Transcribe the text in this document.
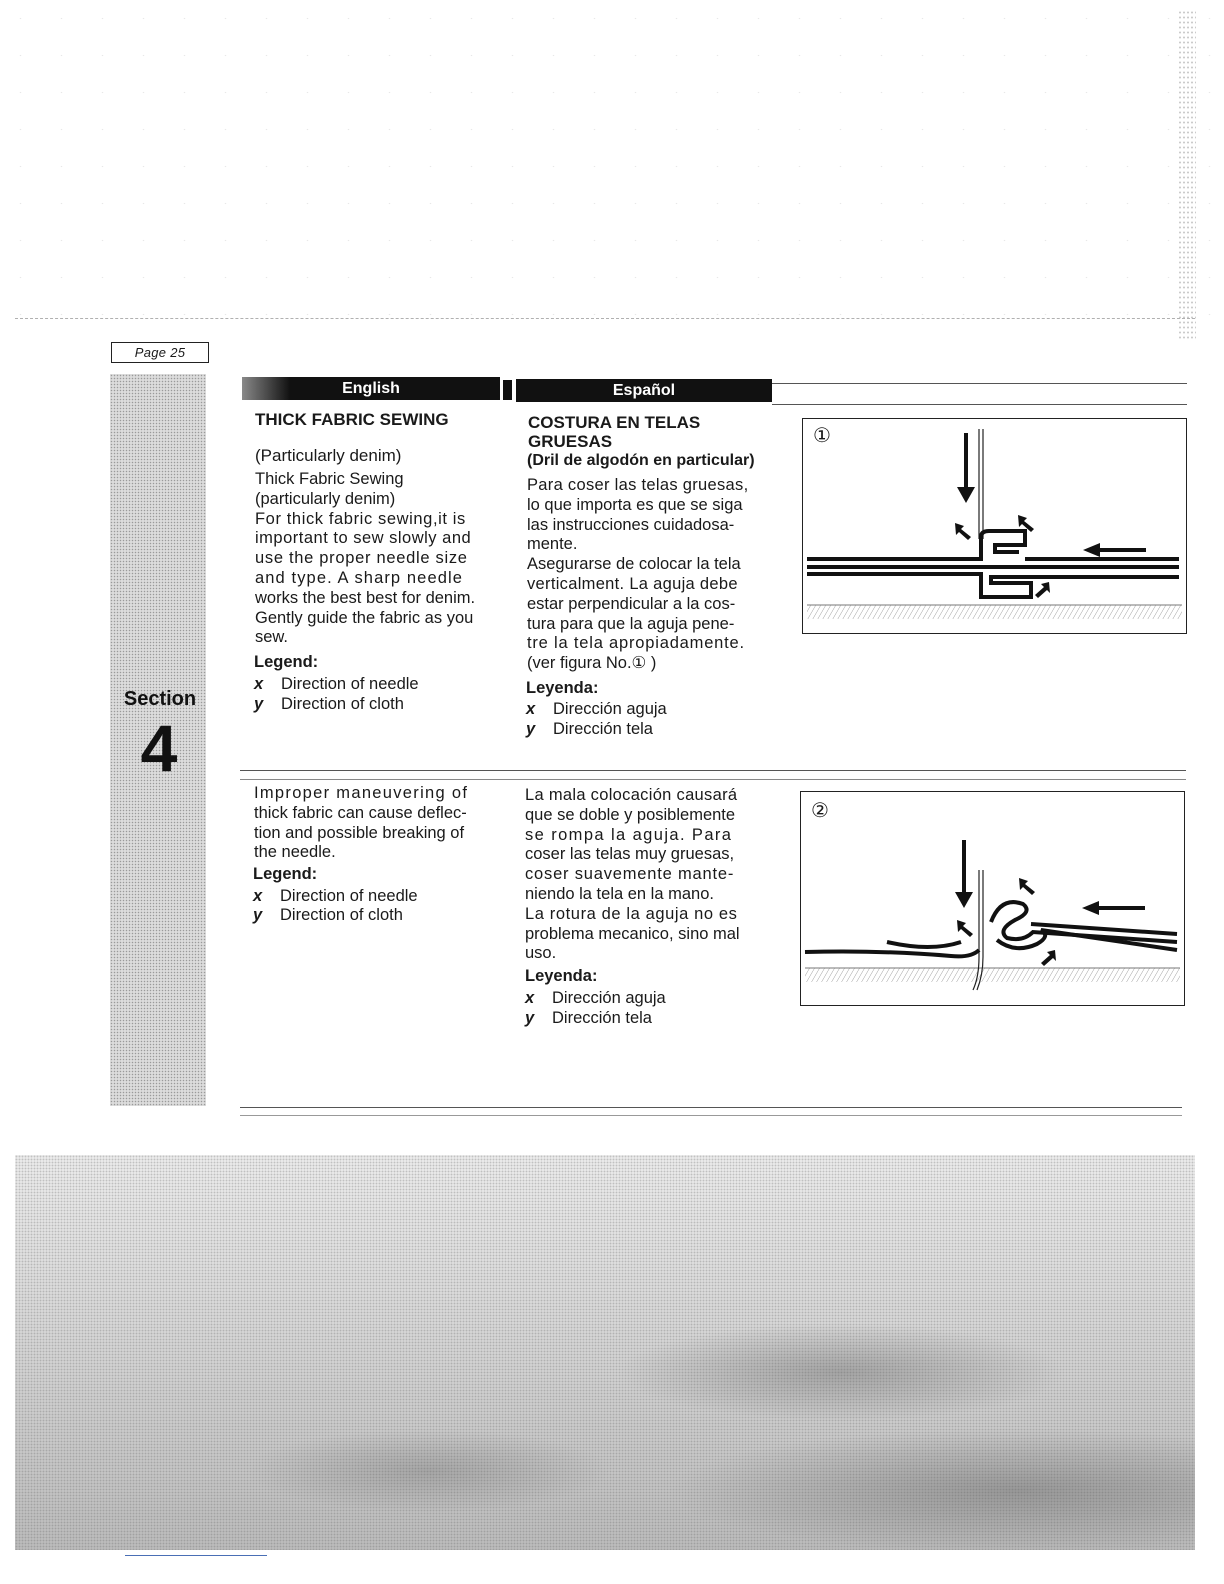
Page 25
Section
4
English	Español
THICK FABRIC SEWING
(Particularly denim)
Thick Fabric Sewing
(particularly denim)
For thick fabric sewing,it is
important to sew slowly and
use the proper needle size
and type. A sharp needle
works the best best for denim.
Gently guide the fabric as you
sew.
Legend:
x Direction of needle
y Direction of cloth
COSTURA EN TELAS
GRUESAS
(Dril de algodón en particular)
Para coser las telas gruesas,
lo que importa es que se siga
las instrucciones cuidadosa-
mente.
Asegurarse de colocar la tela
verticalment. La aguja debe
estar perpendicular a la cos-
tura para que la aguja pene-
tre la tela apropiadamente.
(ver figura No.① )
Leyenda:
x Dirección aguja
y Dirección tela
①
Improper maneuvering of
thick fabric can cause deflec-
tion and possible breaking of
the needle.
Legend:
x Direction of needle
y Direction of cloth
La mala colocación causará
que se doble y posiblemente
se rompa la aguja. Para
coser las telas muy gruesas,
coser suavemente mante-
niendo la tela en la mano.
La rotura de la aguja no es
problema mecanico, sino mal
uso.
Leyenda:
x Dirección aguja
y Dirección tela
②
